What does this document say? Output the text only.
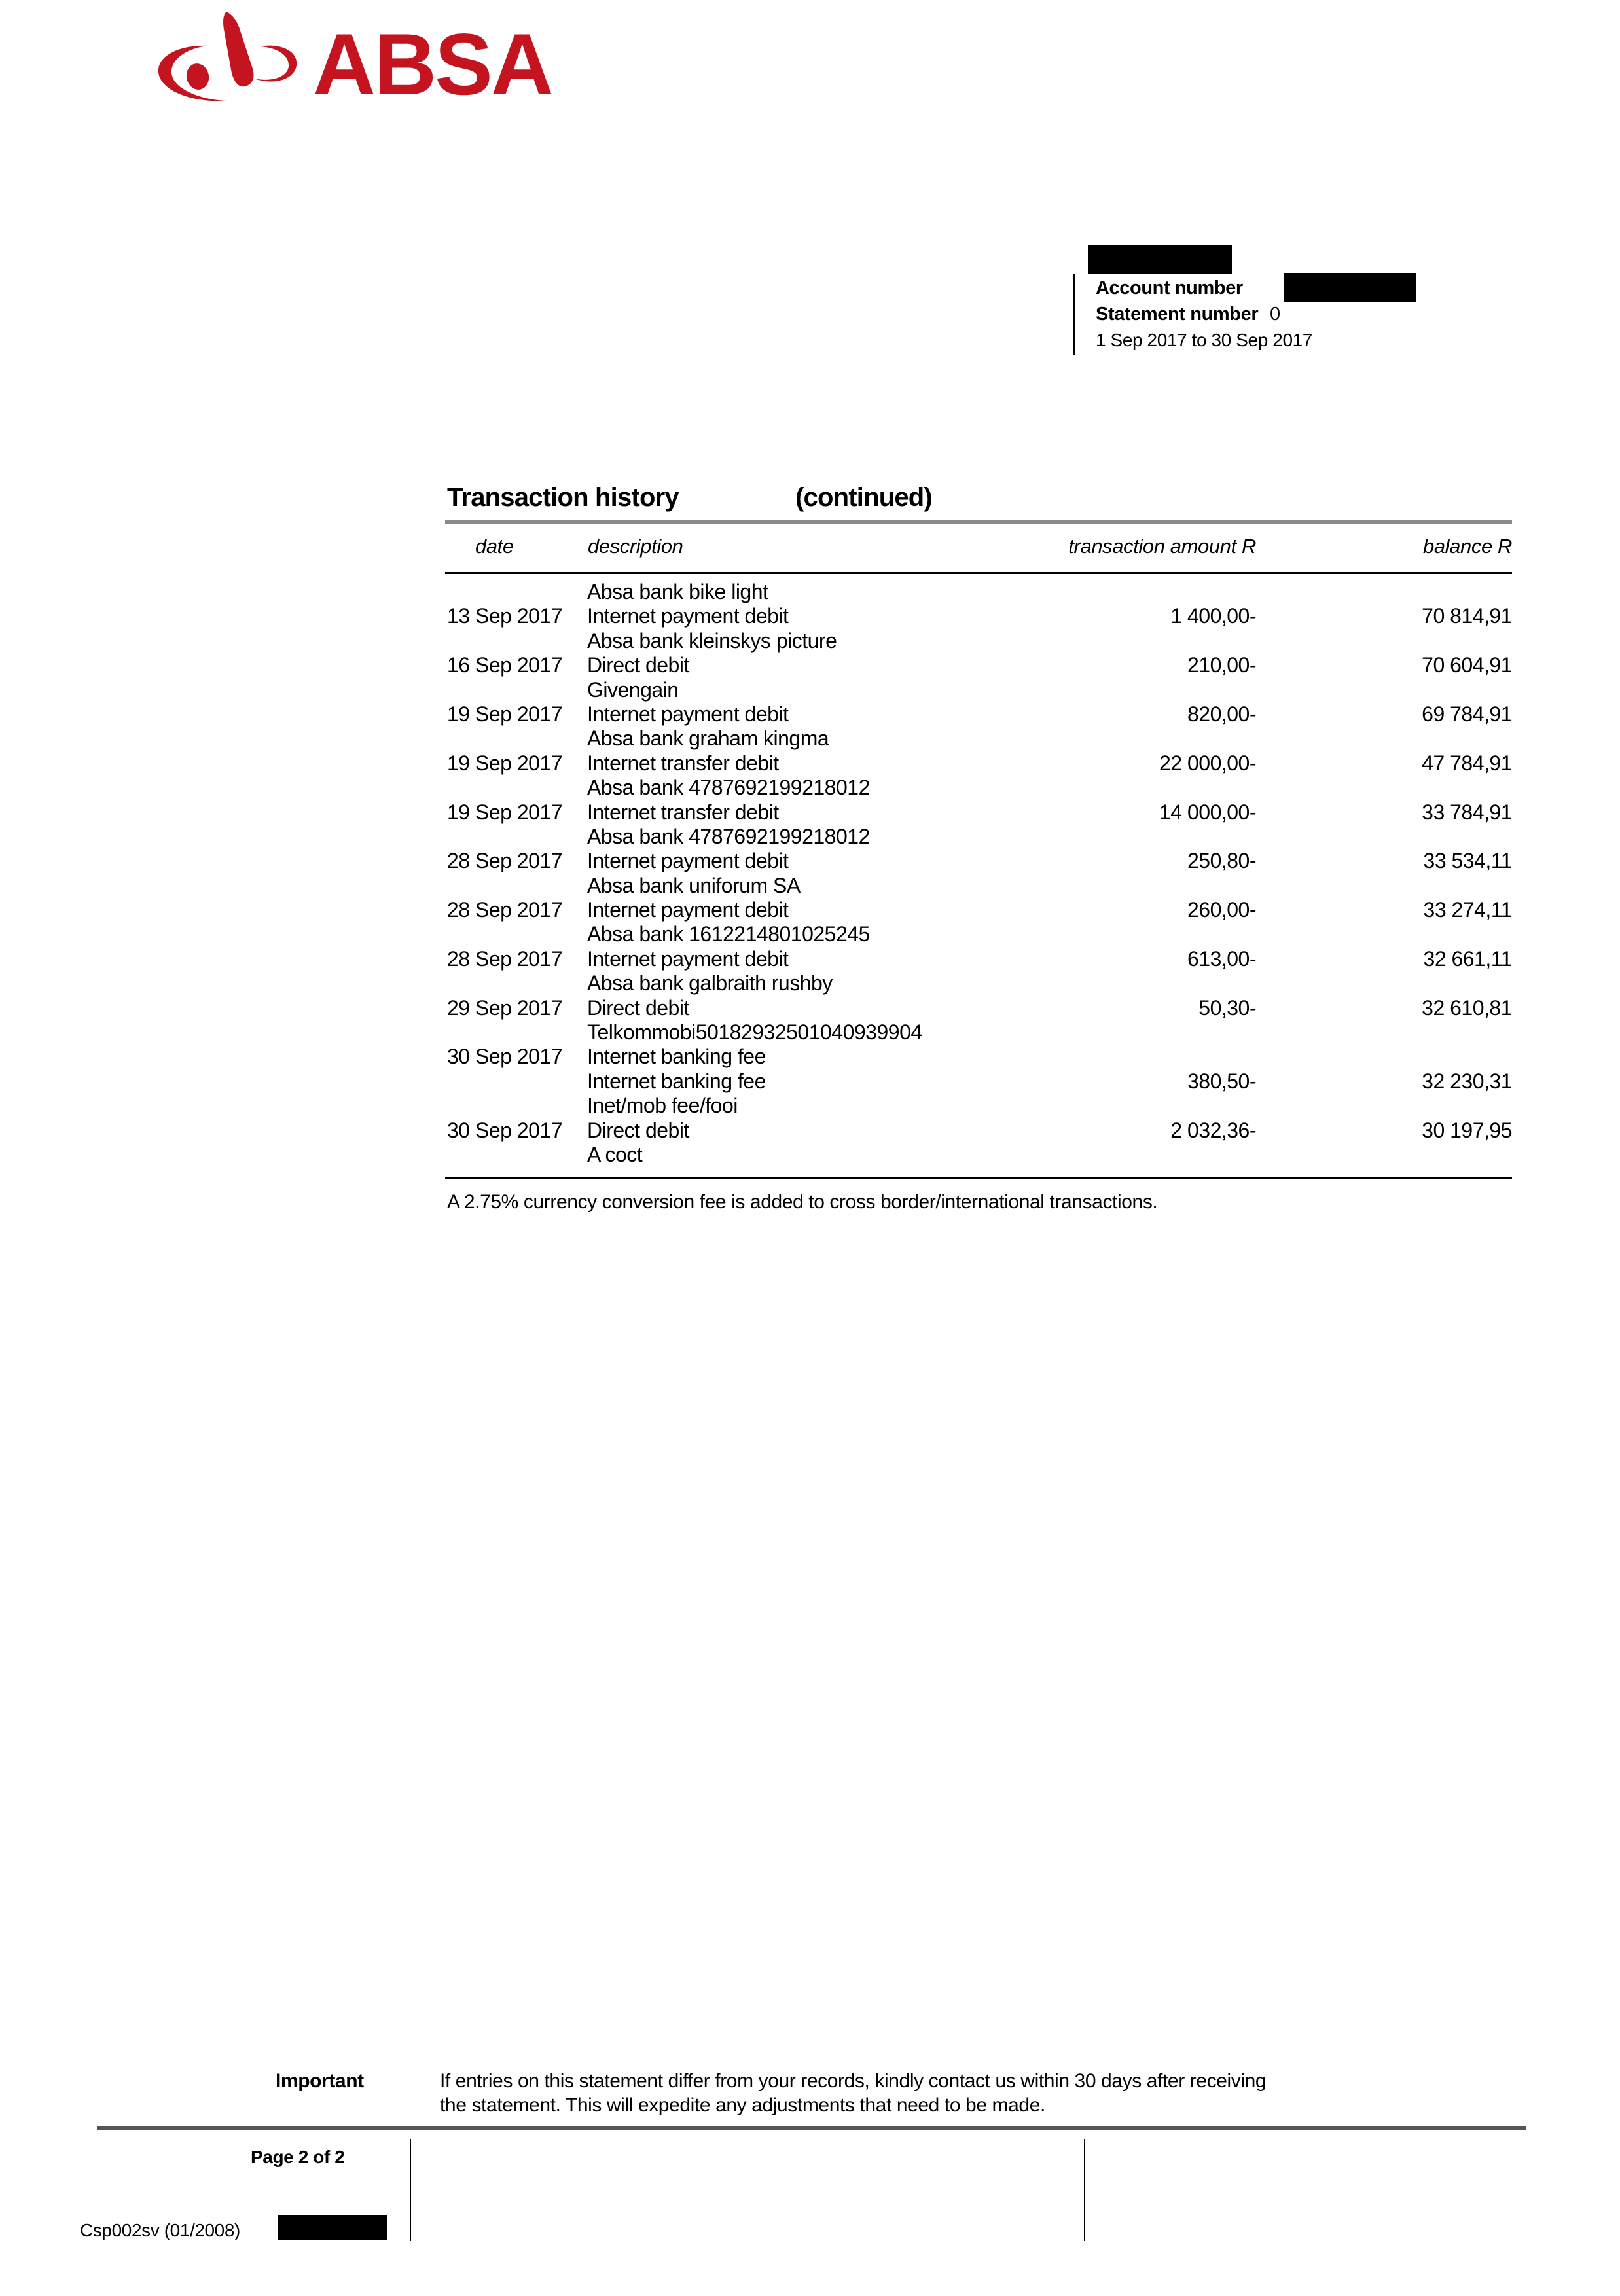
ABSA
Account number
Statement number 0
1 Sep 2017 to 30 Sep 2017
Transaction history	(continued)
date	description	transaction amount R	balance R
Absa bank bike light
13 Sep 2017 Internet payment debit	1 400,00-	70 814,91
Absa bank kleinskys picture
16 Sep 2017 Direct debit	210,00-	70 604,91
Givengain
19 Sep 2017 Internet payment debit	820,00-	69 784,91
Absa bank graham kingma
19 Sep 2017 Internet transfer debit	22 000,00-	47 784,91
Absa bank 4787692199218012
19 Sep 2017 Internet transfer debit	14 000,00-	33 784,91
Absa bank 4787692199218012
28 Sep 2017 Internet payment debit	250,80-	33 534,11
Absa bank uniforum SA
28 Sep 2017 Internet payment debit	260,00-	33 274,11
Absa bank 1612214801025245
28 Sep 2017 Internet payment debit	613,00-	32 661,11
Absa bank galbraith rushby
29 Sep 2017 Direct debit	50,30-	32 610,81
Telkommobi50182932501040939904
30 Sep 2017 Internet banking fee
Internet banking fee	380,50-	32 230,31
Inet/mob fee/fooi
30 Sep 2017 Direct debit	2 032,36-	30 197,95
A coct
A 2.75% currency conversion fee is added to cross border/international transactions.
Important	If entries on this statement differ from your records, kindly contact us within 30 days after receiving
the statement. This will expedite any adjustments that need to be made.
Page 2 of 2
Csp002sv (01/2008)
